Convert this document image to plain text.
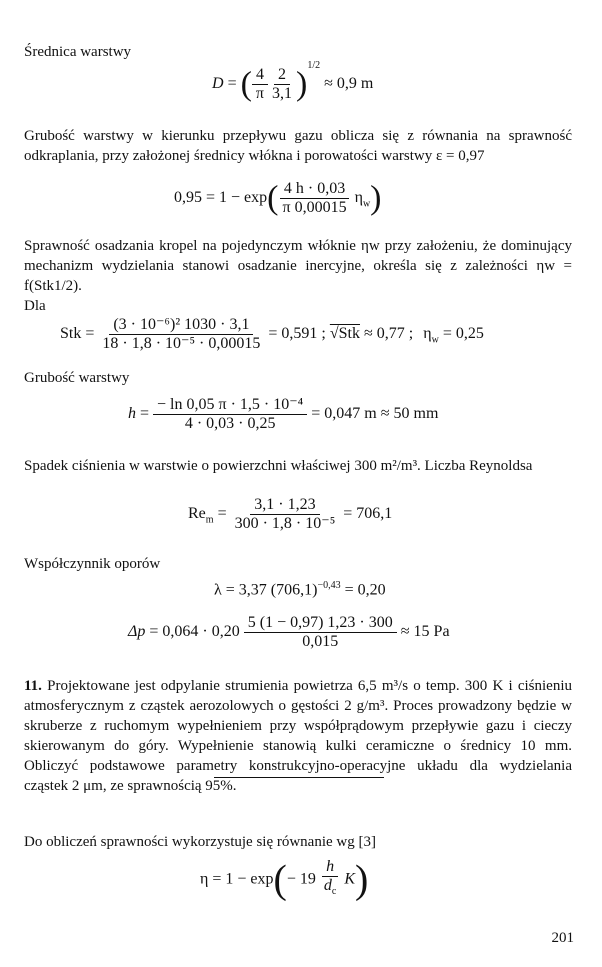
Średnica warstwy
D = ( $\frac{4}{\pi} \frac{2}{3,1} )^{1/2} \approx 0,9$ m
Grubość warstwy w kierunku przepływu gazu oblicza się z równania na sprawność odkraplania, przy założonej średnicy włókna i porowatości warstwy ε = 0,97
$0,95 = 1 - \exp( \frac{4 h \cdot 0,03}{\pi 0,00015} \eta_w)$
Sprawność osadzania kropel na pojedynczym włóknie ηw przy założeniu, że dominujący mechanizm wydzielania stanowi osadzanie inercyjne, określa się z zależności ηw = f(Stk1/2).
Dla
Stk = $\frac{\text{(3 · 10⁻⁶)² 1030 · 3,1}}{\text{18 · 1,8 · 10⁻⁵ · 0,00015}} = 0,591$ ; √Stk ≈ 0,77 ; $\eta_w = 0,25$
Grubość warstwy
$h = \frac{\text{− ln 0,05 π · 1,5 · 10⁻⁴}}{4 \cdot 0,03 \cdot 0,25} = 0,047$ m ≈ 50 mm
Spadek ciśnienia w warstwie o powierzchni właściwej 300 m²/m³. Liczba Reynoldsa
$Re_m = \frac{3,1 \cdot 1,23}{\text{300 · 1,8 · 10⁻⁵}} = 706,1$
Współczynnik oporów
λ = 3,37 $(706,1)^{-0,43} = 0,20$
$\Delta p = 0,064 \cdot 0,20 \frac{5 (1 - 0,97) 1,23 \cdot 300}{0,015} \approx 15$ Pa
11. Projektowane jest odpylanie strumienia powietrza 6,5 m³/s o temp. 300 K i ciśnieniu atmosferycznym z cząstek aerozolowych o gęstości 2 g/m³. Proces prowadzony będzie w skruberze z ruchomym wypełnieniem przy współprądowym przepływie gazu i cieczy skierowanym do góry. Wypełnienie stanowią kulki ceramiczne o średnicy 10 mm. Obliczyć podstawowe parametry konstrukcyjno-operacyjne układu dla wydzielania cząstek 2 μm, ze sprawnością 95%.
Do obliczeń sprawności wykorzystuje się równanie wg [3]
$\eta = 1 - \exp(- 19 \frac{h}{d_c} K)$
201
